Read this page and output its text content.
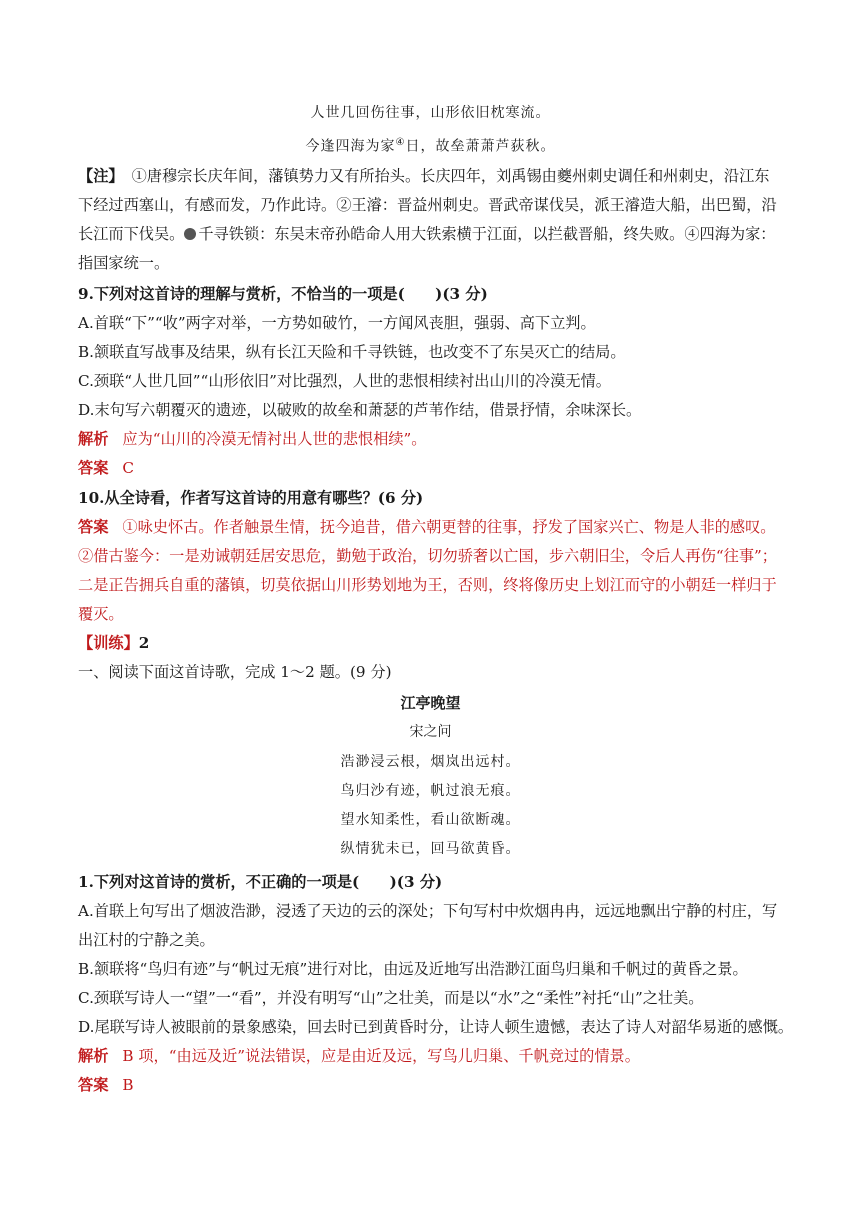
人世几回伤往事，山形依旧枕寒流。
今逢四海为家④日，故垒萧萧芦荻秋。
【注】 ①唐穆宗长庆年间，藩镇势力又有所抬头。长庆四年，刘禹锡由夔州刺史调任和州刺史，沿江东
下经过西塞山，有感而发，乃作此诗。②王濬：晋益州刺史。晋武帝谋伐吴，派王濬造大船，出巴蜀，沿
长江而下伐吴。 千寻铁锁：东吴末帝孙皓命人用大铁索横于江面，以拦截晋船，终失败。④四海为家：
指国家统一。
9.下列对这首诗的理解与赏析，不恰当的一项是(　　)(3 分)
A.首联“下”“收”两字对举，一方势如破竹，一方闻风丧胆，强弱、高下立判。
B.颔联直写战事及结果，纵有长江天险和千寻铁链，也改变不了东吴灭亡的结局。
C.颈联“人世几回”“山形依旧”对比强烈，人世的悲恨相续衬出山川的冷漠无情。
D.末句写六朝覆灭的遗迹，以破败的故垒和萧瑟的芦苇作结，借景抒情，余味深长。
解析 应为“山川的冷漠无情衬出人世的悲恨相续”。
答案 C
10.从全诗看，作者写这首诗的用意有哪些？(6 分)
答案 ①咏史怀古。作者触景生情，抚今追昔，借六朝更替的往事，抒发了国家兴亡、物是人非的感叹。
②借古鉴今：一是劝诫朝廷居安思危，勤勉于政治，切勿骄奢以亡国，步六朝旧尘，令后人再伤“往事”；
二是正告拥兵自重的藩镇，切莫依据山川形势划地为王，否则，终将像历史上划江而守的小朝廷一样归于
覆灭。
【训练】2
一、阅读下面这首诗歌，完成 1～2 题。(9 分)
江亭晚望
宋之问
浩渺浸云根，烟岚出远村。
鸟归沙有迹，帆过浪无痕。
望水知柔性，看山欲断魂。
纵情犹未已，回马欲黄昏。
1.下列对这首诗的赏析，不正确的一项是(　　)(3 分)
A.首联上句写出了烟波浩渺，浸透了天边的云的深处；下句写村中炊烟冉冉，远远地飘出宁静的村庄，写
出江村的宁静之美。
B.颔联将“鸟归有迹”与“帆过无痕”进行对比，由远及近地写出浩渺江面鸟归巢和千帆过的黄昏之景。
C.颈联写诗人一“望”一“看”，并没有明写“山”之壮美，而是以“水”之“柔性”衬托“山”之壮美。
D.尾联写诗人被眼前的景象感染，回去时已到黄昏时分，让诗人顿生遗憾，表达了诗人对韶华易逝的感慨。
解析 B 项，“由远及近”说法错误，应是由近及远，写鸟儿归巢、千帆竞过的情景。
答案 B
